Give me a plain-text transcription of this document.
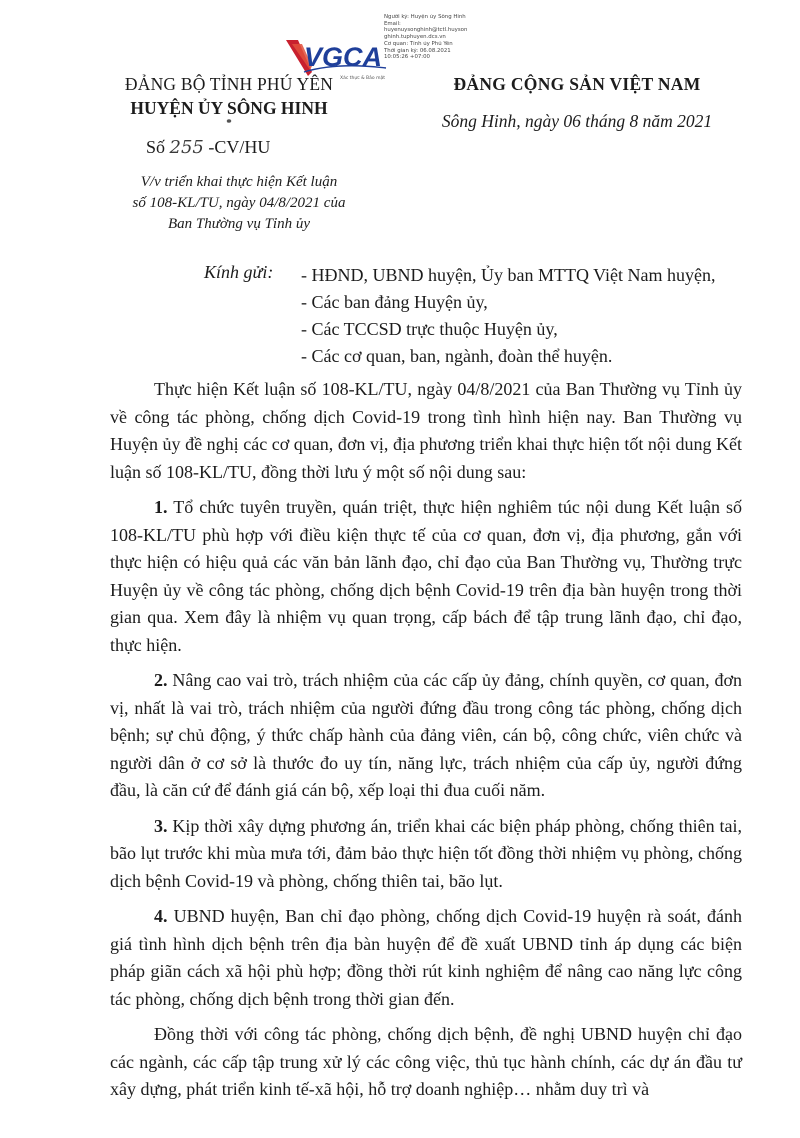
Người ký: Huyện ủy Sông Hinh
Email:
huyenuysonghinh@tctl.huyson
ghinh.tuphuyen.dcs.vn
Cơ quan: Tỉnh ủy Phú Yên
Thời gian ký: 06.08.2021
10:05:26 +07:00
VGCA
Xác thực & Bảo mật
ĐẢNG BỘ TỈNH PHÚ YÊN
HUYỆN ỦY SÔNG HINH
*
ĐẢNG CỘNG SẢN VIỆT NAM
Sông Hinh, ngày 06 tháng 8 năm 2021
Số 255 -CV/HU
V/v triển khai thực hiện Kết luận
số 108-KL/TU, ngày 04/8/2021 của
Ban Thường vụ Tỉnh ủy
Kính gửi: - HĐND, UBND huyện, Ủy ban MTTQ Việt Nam huyện,
- Các ban đảng Huyện ủy,
- Các TCCSD trực thuộc Huyện ủy,
- Các cơ quan, ban, ngành, đoàn thể huyện.

Thực hiện Kết luận số 108-KL/TU, ngày 04/8/2021 của Ban Thường vụ Tỉnh ủy về công tác phòng, chống dịch Covid-19 trong tình hình hiện nay. Ban Thường vụ Huyện ủy đề nghị các cơ quan, đơn vị, địa phương triển khai thực hiện tốt nội dung Kết luận số 108-KL/TU, đồng thời lưu ý một số nội dung sau:

1. Tổ chức tuyên truyền, quán triệt, thực hiện nghiêm túc nội dung Kết luận số 108-KL/TU phù hợp với điều kiện thực tế của cơ quan, đơn vị, địa phương, gắn với thực hiện có hiệu quả các văn bản lãnh đạo, chỉ đạo của Ban Thường vụ, Thường trực Huyện ủy về công tác phòng, chống dịch bệnh Covid-19 trên địa bàn huyện trong thời gian qua. Xem đây là nhiệm vụ quan trọng, cấp bách để tập trung lãnh đạo, chỉ đạo, thực hiện.

2. Nâng cao vai trò, trách nhiệm của các cấp ủy đảng, chính quyền, cơ quan, đơn vị, nhất là vai trò, trách nhiệm của người đứng đầu trong công tác phòng, chống dịch bệnh; sự chủ động, ý thức chấp hành của đảng viên, cán bộ, công chức, viên chức và người dân ở cơ sở là thước đo uy tín, năng lực, trách nhiệm của cấp ủy, người đứng đầu, là căn cứ để đánh giá cán bộ, xếp loại thi đua cuối năm.

3. Kịp thời xây dựng phương án, triển khai các biện pháp phòng, chống thiên tai, bão lụt trước khi mùa mưa tới, đảm bảo thực hiện tốt đồng thời nhiệm vụ phòng, chống dịch bệnh Covid-19 và phòng, chống thiên tai, bão lụt.

4. UBND huyện, Ban chỉ đạo phòng, chống dịch Covid-19 huyện rà soát, đánh giá tình hình dịch bệnh trên địa bàn huyện để đề xuất UBND tỉnh áp dụng các biện pháp giãn cách xã hội phù hợp; đồng thời rút kinh nghiệm để nâng cao năng lực công tác phòng, chống dịch bệnh trong thời gian đến.

Đồng thời với công tác phòng, chống dịch bệnh, đề nghị UBND huyện chỉ đạo các ngành, các cấp tập trung xử lý các công việc, thủ tục hành chính, các dự án đầu tư xây dựng, phát triển kinh tế-xã hội, hỗ trợ doanh nghiệp… nhằm duy trì và
